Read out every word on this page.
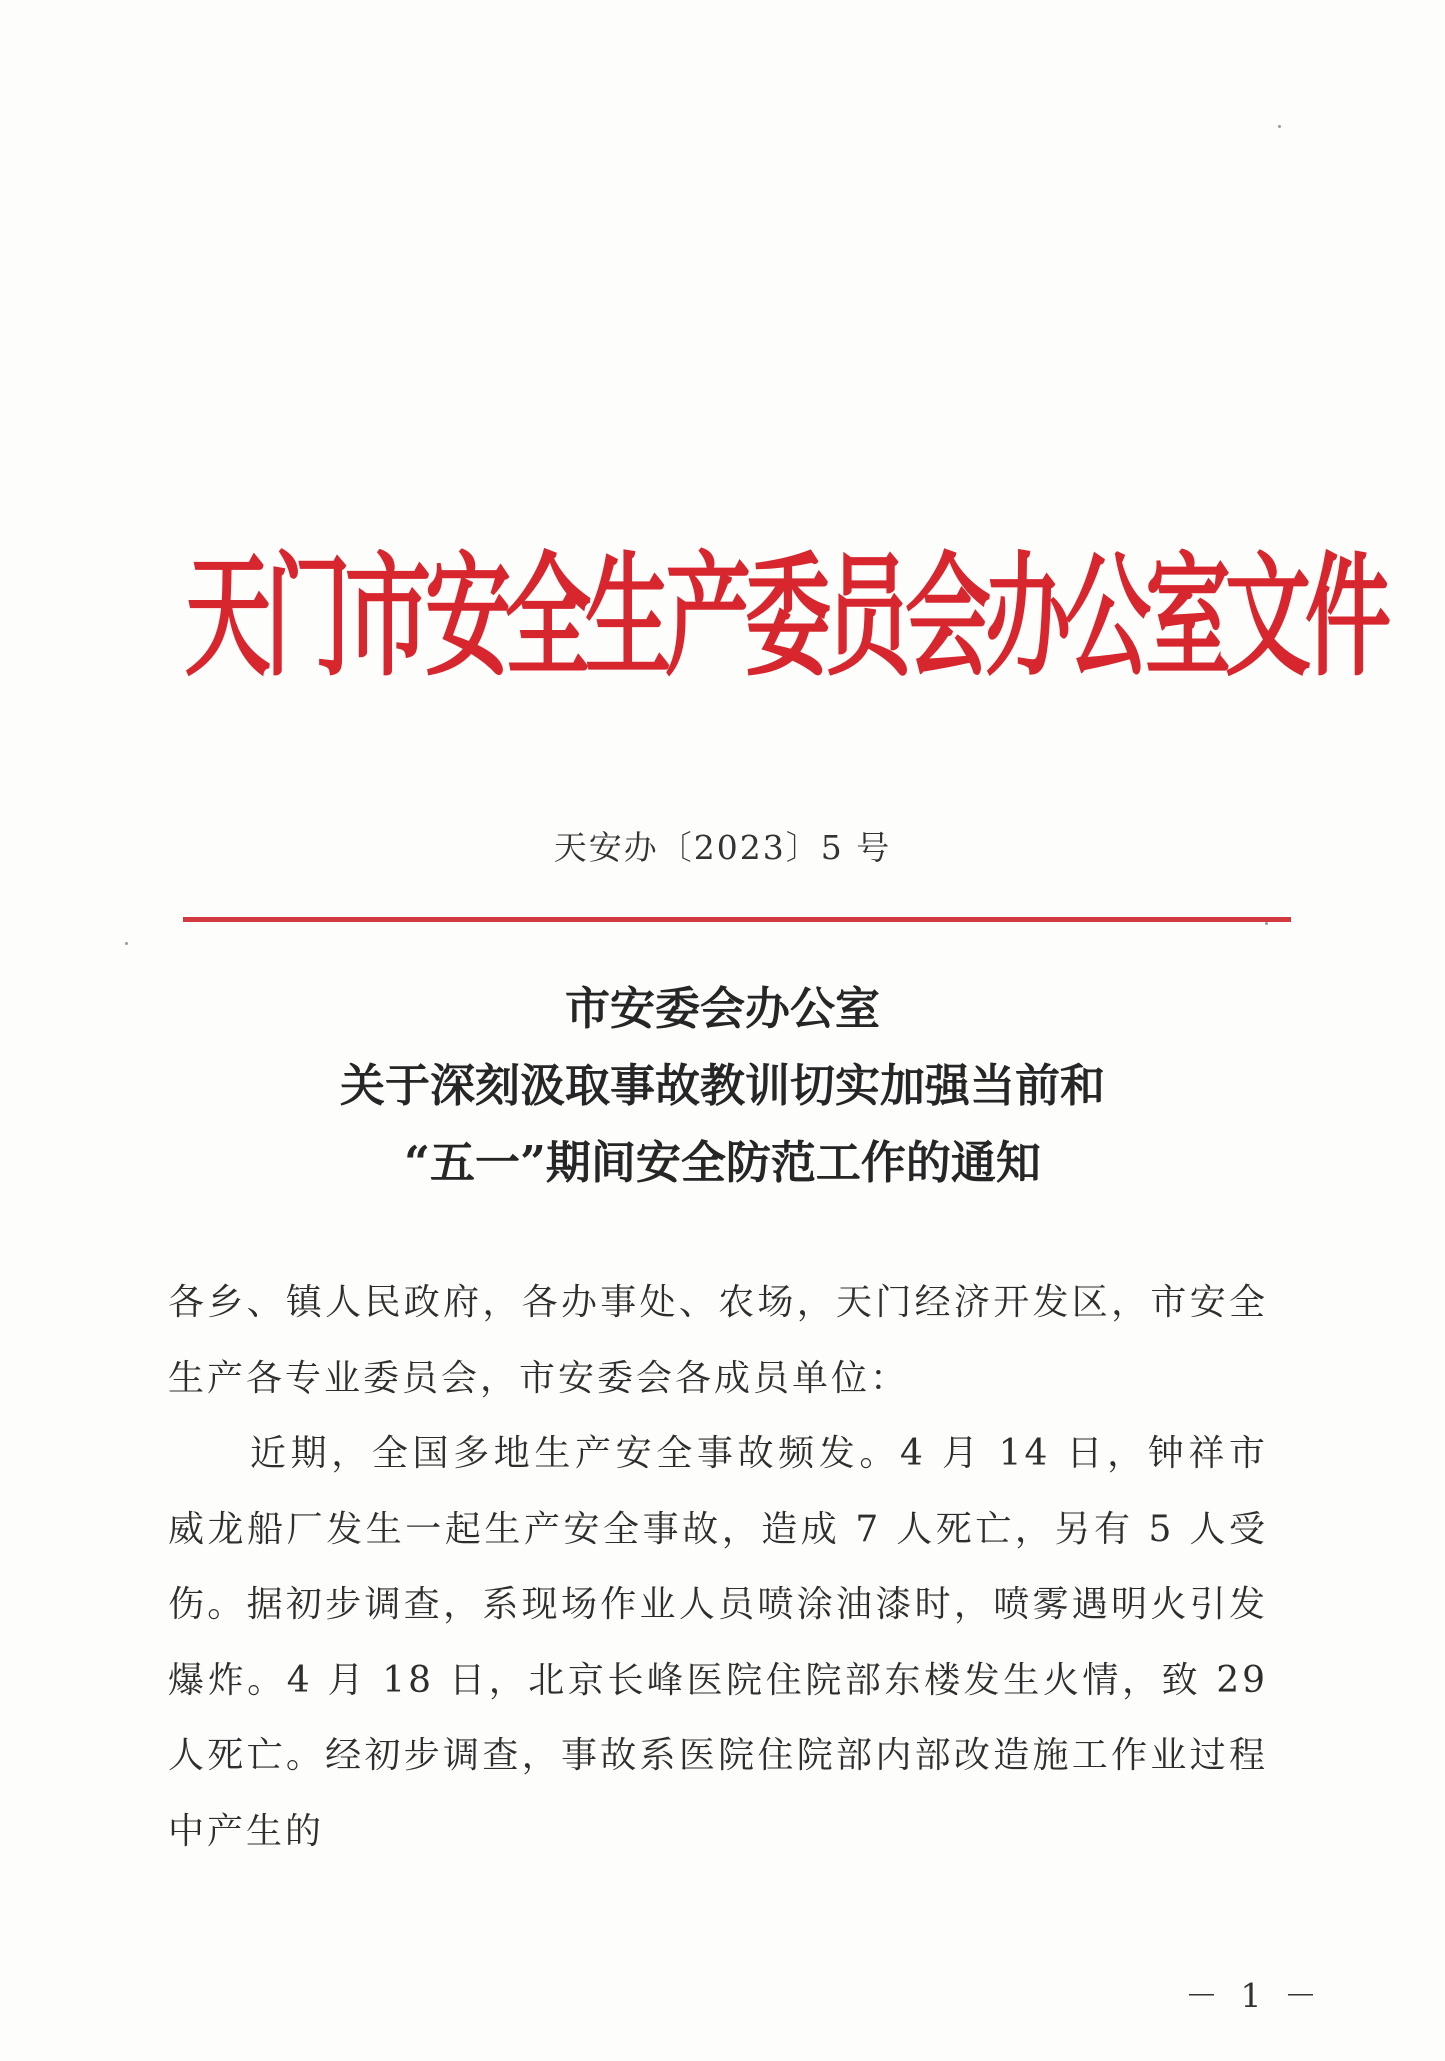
天门市安全生产委员会办公室文件
天安办〔2023〕5 号
市安委会办公室
关于深刻汲取事故教训切实加强当前和
“五一”期间安全防范工作的通知

各乡、镇人民政府，各办事处、农场，天门经济开发区，市安全生产各专业委员会，市安委会各成员单位：

近期，全国多地生产安全事故频发。4 月 14 日，钟祥市威龙船厂发生一起生产安全事故，造成 7 人死亡，另有 5 人受伤。据初步调查，系现场作业人员喷涂油漆时，喷雾遇明火引发爆炸。4 月 18 日，北京长峰医院住院部东楼发生火情，致 29 人死亡。经初步调查，事故系医院住院部内部改造施工作业过程中产生的

－ 1 －
